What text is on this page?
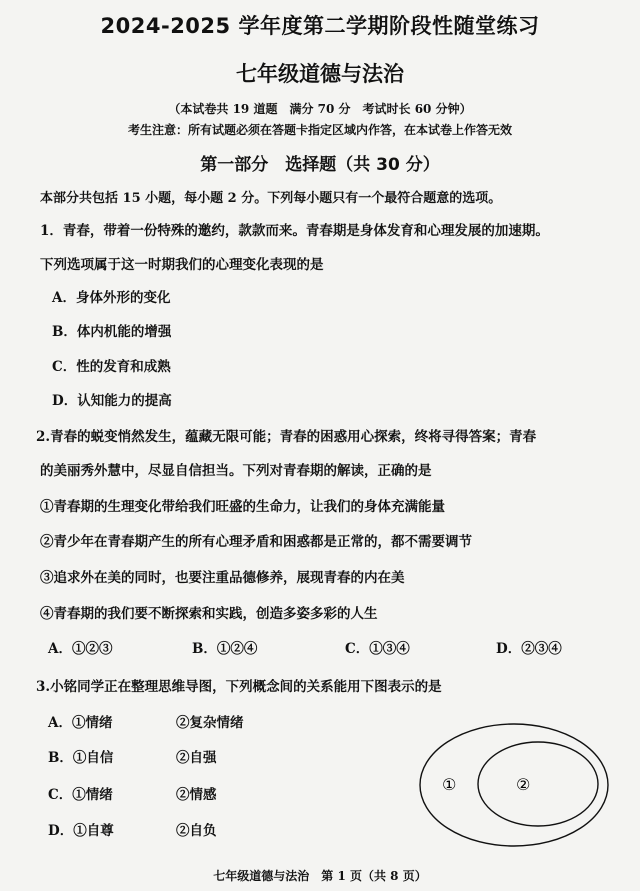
2024-2025 学年度第二学期阶段性随堂练习
七年级道德与法治
（本试卷共 19 道题　满分 70 分　考试时长 60 分钟）
考生注意：所有试题必须在答题卡指定区域内作答，在本试卷上作答无效
第一部分　选择题（共 30 分）
本部分共包括 15 小题，每小题 2 分。下列每小题只有一个最符合题意的选项。
1．青春，带着一份特殊的邀约，款款而来。青春期是身体发育和心理发展的加速期。
下列选项属于这一时期我们的心理变化表现的是
A．身体外形的变化
B．体内机能的增强
C．性的发育和成熟
D．认知能力的提高
2.青春的蜕变悄然发生，蕴藏无限可能；青春的困惑用心探索，终将寻得答案；青春
的美丽秀外慧中，尽显自信担当。下列对青春期的解读，正确的是
①青春期的生理变化带给我们旺盛的生命力，让我们的身体充满能量
②青少年在青春期产生的所有心理矛盾和困惑都是正常的，都不需要调节
③追求外在美的同时，也要注重品德修养，展现青春的内在美
④青春期的我们要不断探索和实践，创造多姿多彩的人生
A．①②③	B．①②④	C．①③④	D．②③④
3.小铭同学正在整理思维导图，下列概念间的关系能用下图表示的是
A．①情绪	②复杂情绪
B．①自信	②自强
C．①情绪	②情感
D．①自尊	②自负
①	②
七年级道德与法治　第 1 页（共 8 页）
